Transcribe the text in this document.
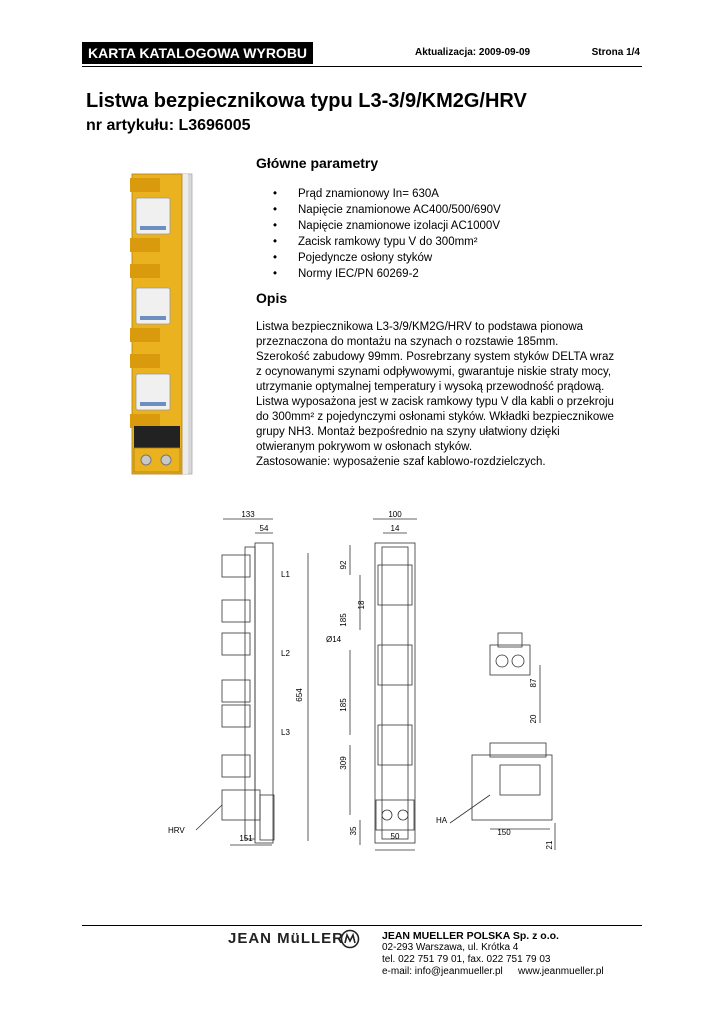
KARTA KATALOGOWA WYROBU	Aktualizacja: 2009-09-09	Strona 1/4
Listwa bezpiecznikowa typu L3-3/9/KM2G/HRV
nr artykułu: L3696005
Główne parametry
• Prąd znamionowy In= 630A
• Napięcie znamionowe AC400/500/690V
• Napięcie znamionowe izolacji AC1000V
• Zacisk ramkowy typu V do 300mm²
• Pojedyncze osłony styków
• Normy IEC/PN 60269-2
Opis
Listwa bezpiecznikowa L3-3/9/KM2G/HRV to podstawa pionowa
przeznaczona do montażu na szynach o rozstawie 185mm.
Szerokość zabudowy 99mm. Posrebrzany system styków DELTA wraz
z ocynowanymi szynami odpływowymi, gwarantuje niskie straty mocy,
utrzymanie optymalnej temperatury i wysoką przewodność prądową.
Listwa wyposażona jest w zacisk ramkowy typu V dla kabli o przekroju
do 300mm² z pojedynczymi osłonami styków. Wkładki bezpiecznikowe
grupy NH3. Montaż bezpośrednio na szyny ułatwiony dzięki
otwieranym pokrywom w osłonach styków.
Zastosowanie: wyposażenie szaf kablowo-rozdzielczych.
133
54
L1
L2
L3
654
151
HRV
100
14
92
18
185
Ø14
185
309
35
50
87
20
HA
150
21
JEAN MüLLER	JEAN MUELLER POLSKA Sp. z o.o.
02-293 Warszawa, ul. Krótka 4
tel. 022 751 79 01, fax. 022 751 79 03
e-mail: info@jeanmueller.pl www.jeanmueller.pl
